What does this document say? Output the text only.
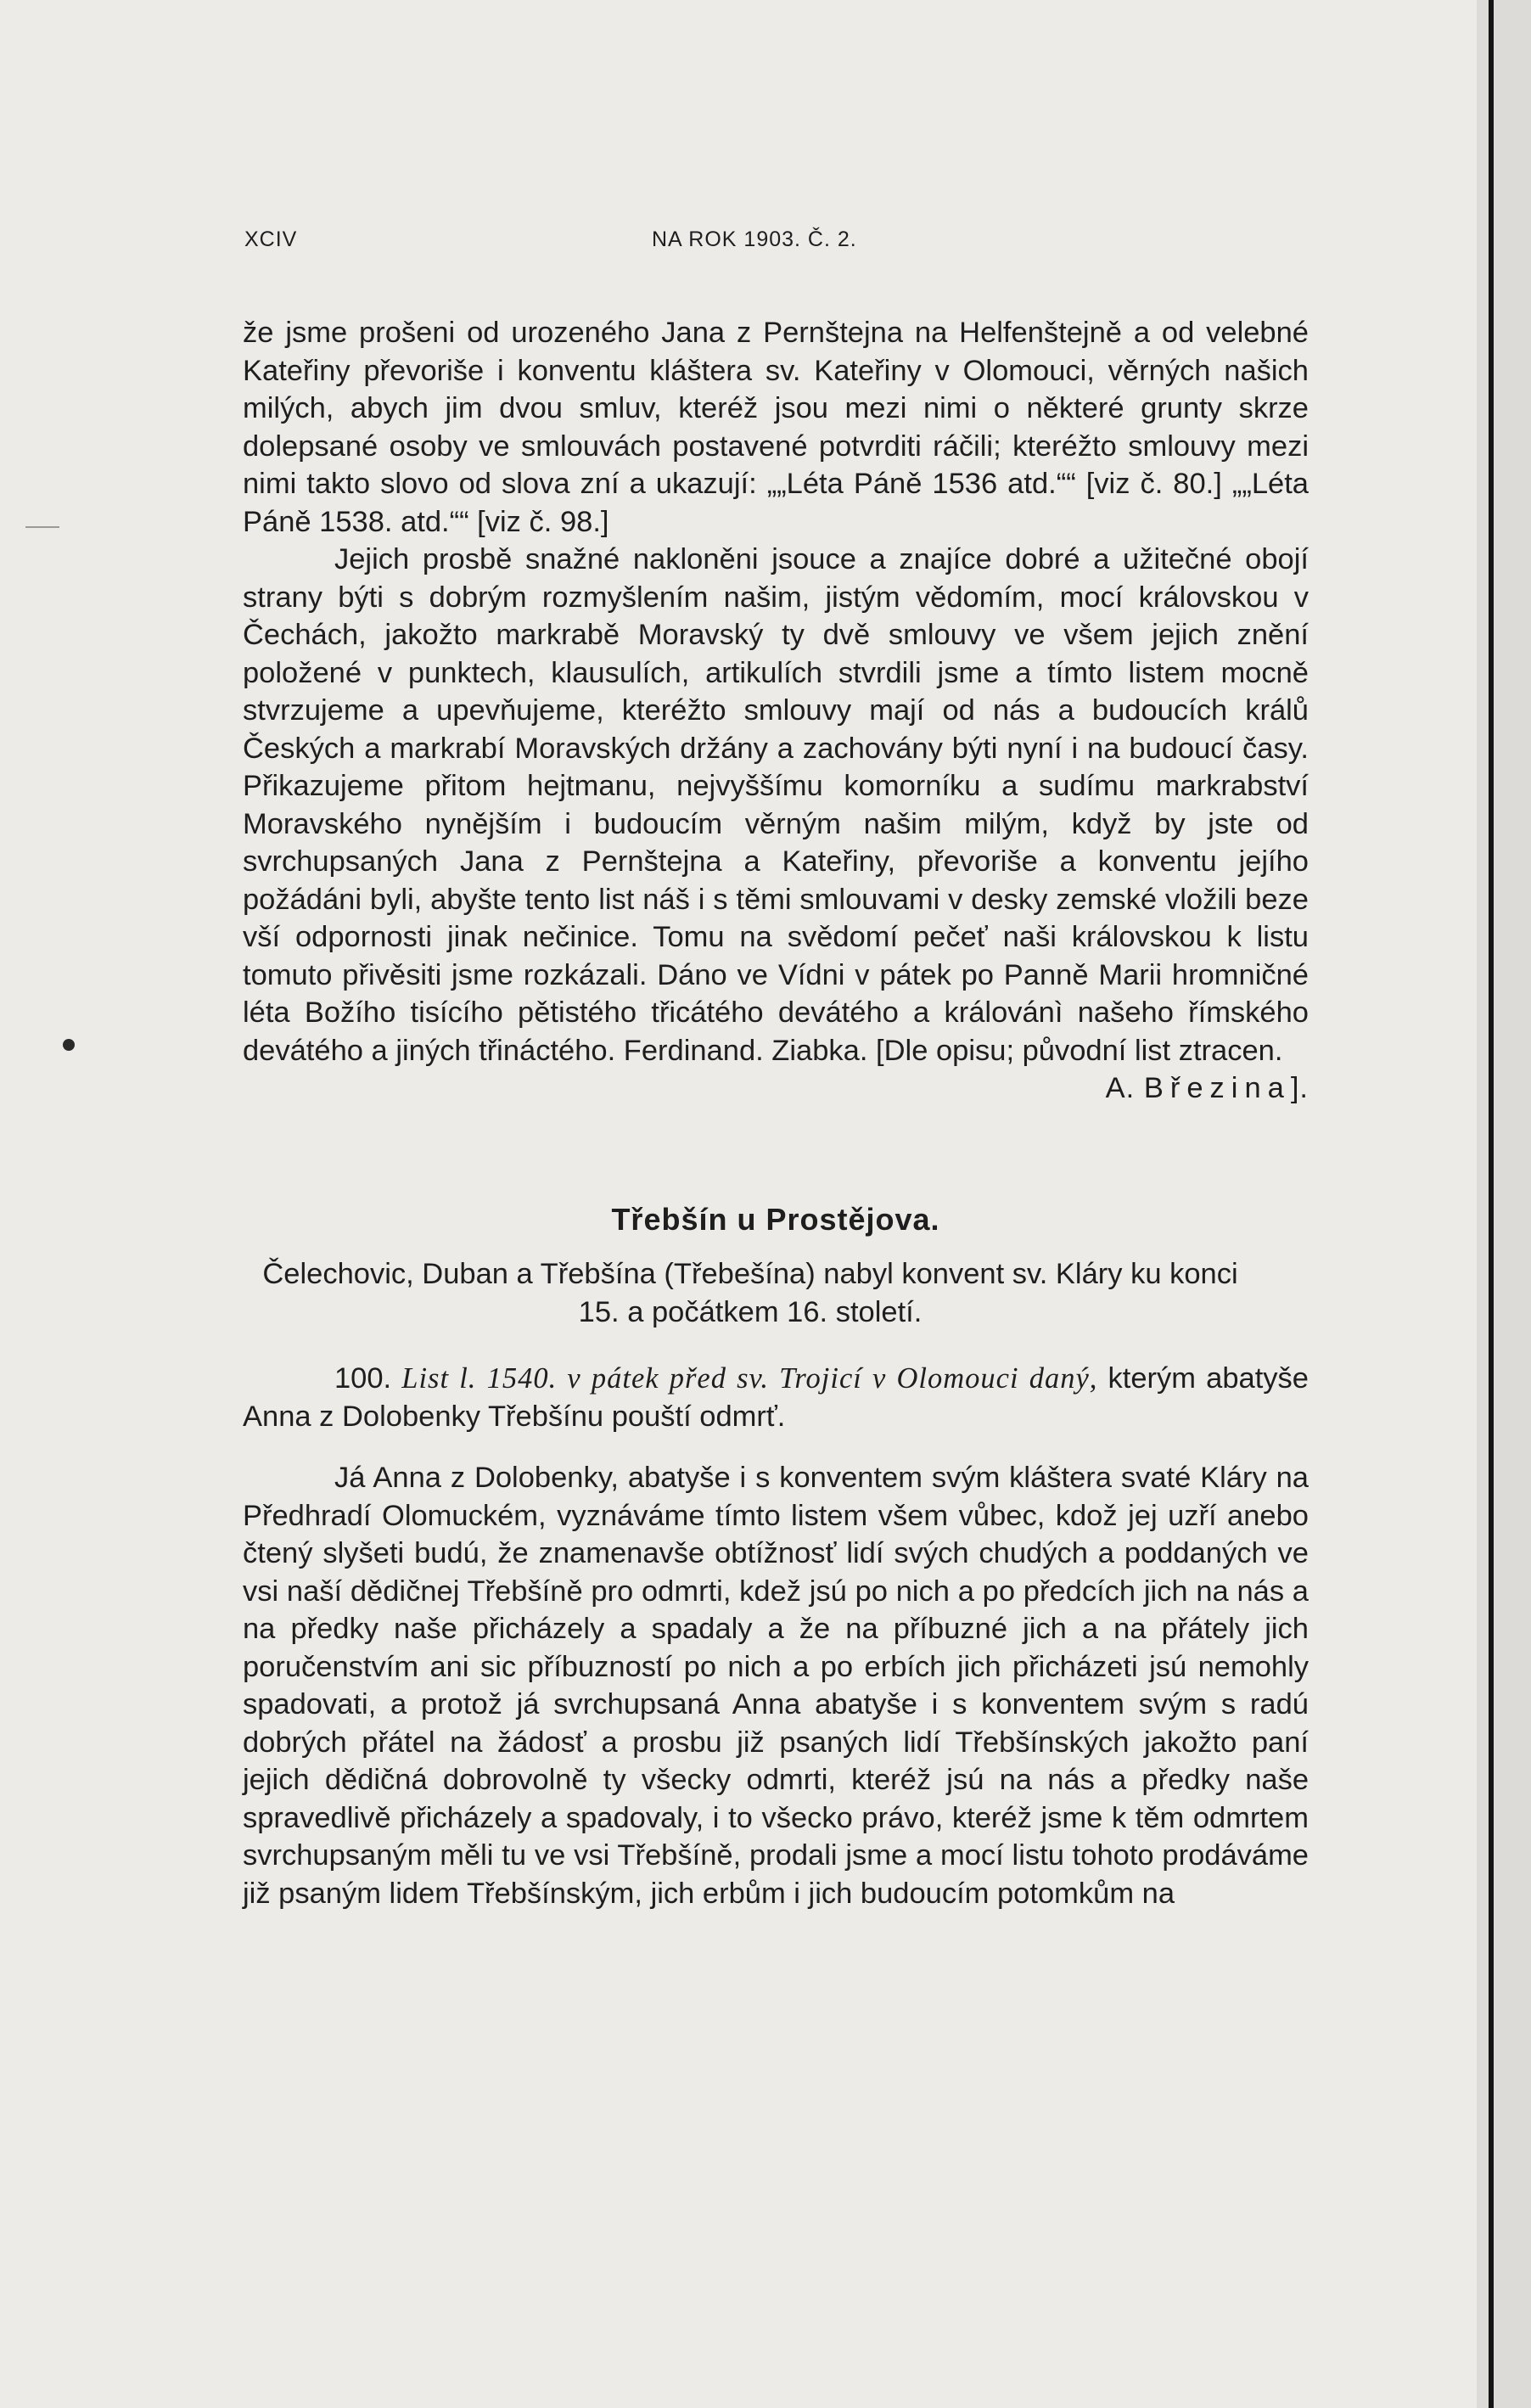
XCIV	NA ROK 1903. Č. 2.

že jsme prošeni od urozeného Jana z Pernštejna na Helfenštejně a od velebné Kateřiny převoriše i konventu kláštera sv. Kateřiny v Olomouci, věrných našich milých, abych jim dvou smluv, kteréž jsou mezi nimi o některé grunty skrze dolepsané osoby ve smlouvách postavené potvrditi ráčili; kteréžto smlouvy mezi nimi takto slovo od slova zní a ukazují: „„Léta Páně 1536 atd.““ [viz č. 80.] „„Léta Páně 1538. atd.““ [viz č. 98.]

Jejich prosbě snažné nakloněni jsouce a znajíce dobré a užitečné obojí strany býti s dobrým rozmyšlením našim, jistým vědomím, mocí královskou v Čechách, jakožto markrabě Moravský ty dvě smlouvy ve všem jejich znění položené v punktech, klausulích, artikulích stvrdili jsme a tímto listem mocně stvrzujeme a upevňujeme, kteréžto smlouvy mají od nás a budoucích králů Českých a markrabí Moravských držány a zachovány býti nyní i na budoucí časy. Přikazujeme přitom hejtmanu, nejvyššímu komorníku a sudímu markrabství Moravského nynějším i budoucím věrným našim milým, když by jste od svrchupsaných Jana z Pernštejna a Kateřiny, převoriše a konventu jejího požádáni byli, abyšte tento list náš i s těmi smlouvami v desky zemské vložili beze vší odpornosti jinak nečinice. Tomu na svědomí pečeť naši královskou k listu tomuto přivěsiti jsme rozkázali. Dáno ve Vídni v pátek po Panně Marii hromničné léta Božího tisícího pětistého třicátého devátého a královánì našeho římského devátého a jiných třináctého. Ferdinand. Ziabka. [Dle opisu; původní list ztracen.

A. Březina].

Třebšín u Prostějova.

Čelechovic, Duban a Třebšína (Třebešína) nabyl konvent sv. Kláry ku konci 15. a počátkem 16. století.

100. List l. 1540. v pátek před sv. Trojicí v Olomouci daný, kterým abatyše Anna z Dolobenky Třebšínu pouští odmrť.

Já Anna z Dolobenky, abatyše i s konventem svým kláštera svaté Kláry na Předhradí Olomuckém, vyznáváme tímto listem všem vůbec, kdož jej uzří anebo čtený slyšeti budú, že znamenavše obtížnosť lidí svých chudých a poddaných ve vsi naší dědičnej Třebšíně pro odmrti, kdež jsú po nich a po předcích jich na nás a na předky naše přicházely a spadaly a že na příbuzné jich a na přátely jich poručenstvím ani sic příbuzností po nich a po erbích jich přicházeti jsú nemohly spadovati, a protož já svrchupsaná Anna abatyše i s konventem svým s radú dobrých přátel na žádosť a prosbu již psaných lidí Třebšínských jakožto paní jejich dědičná dobrovolně ty všecky odmrti, kteréž jsú na nás a předky naše spravedlivě přicházely a spadovaly, i to všecko právo, kteréž jsme k těm odmrtem svrchupsaným měli tu ve vsi Třebšíně, prodali jsme a mocí listu tohoto prodáváme již psaným lidem Třebšínským, jich erbům i jich budoucím potomkům na
